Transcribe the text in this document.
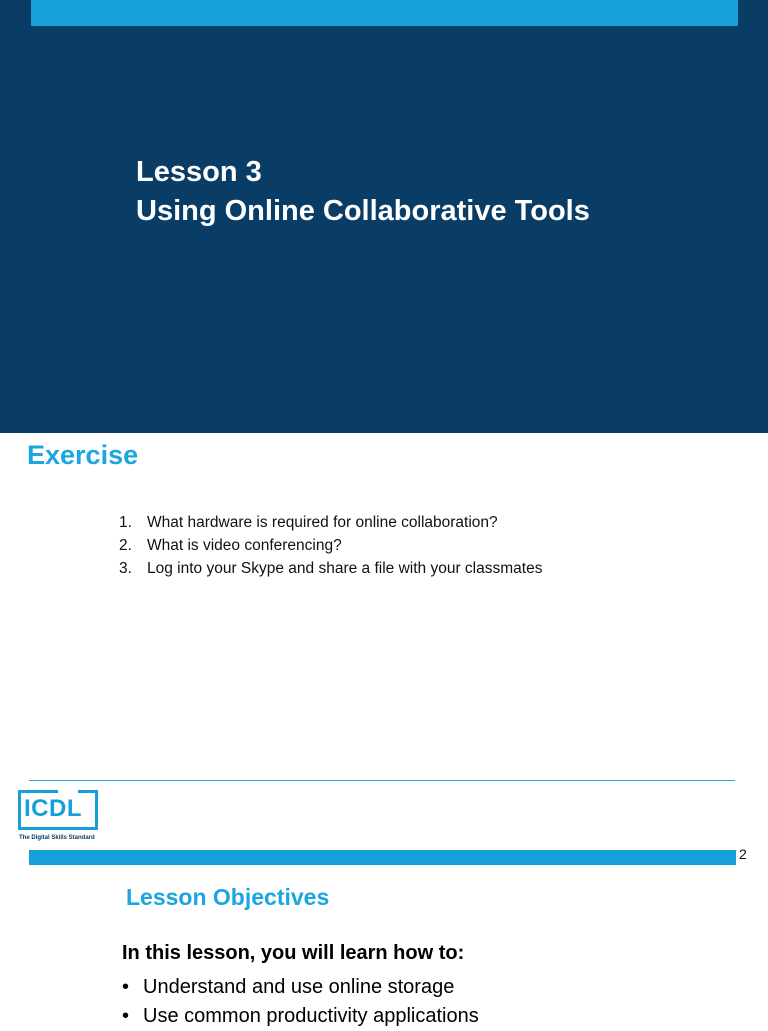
Lesson 3
Using Online Collaborative Tools
Exercise
1. What hardware is required for online collaboration?
2. What is video conferencing?
3. Log into your Skype and share a file with your classmates
ICDL
The Digital Skills Standard
2
Lesson Objectives
In this lesson, you will learn how to:
• Understand and use online storage
• Use common productivity applications
